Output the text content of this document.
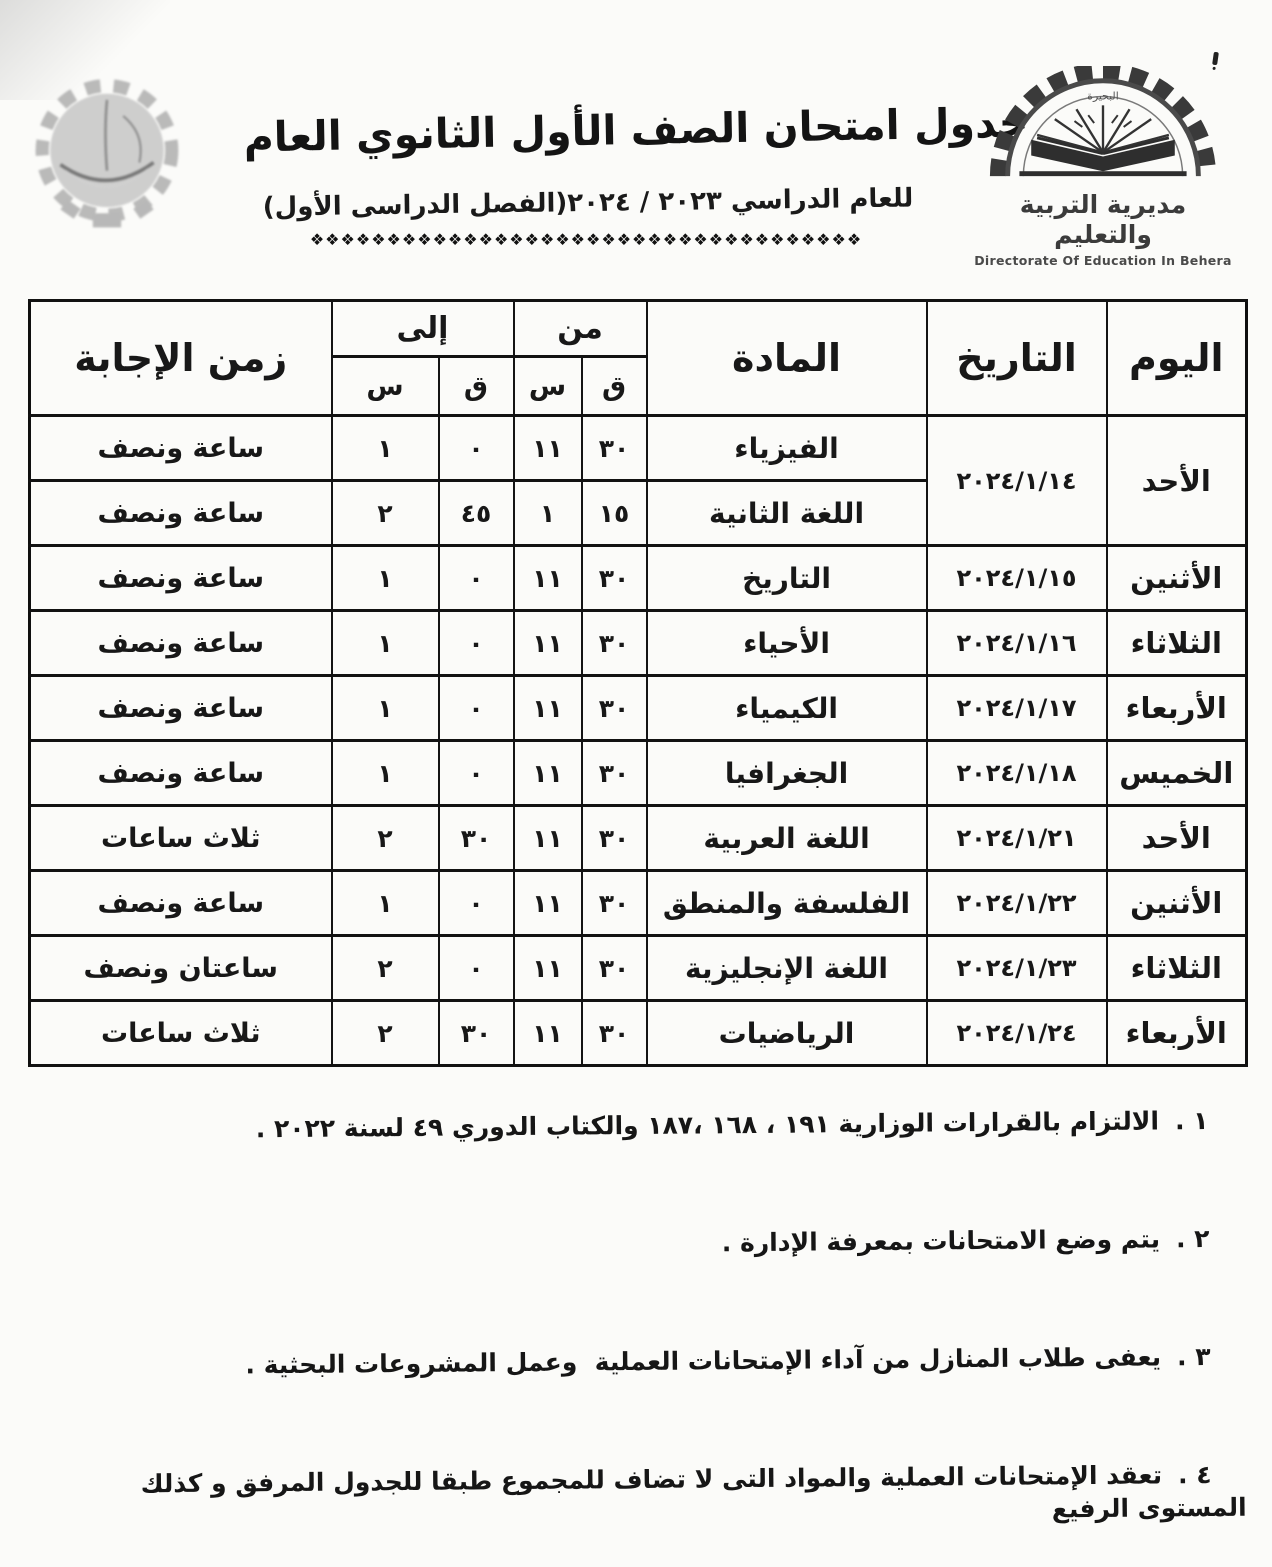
جدول امتحان الصف الأول الثانوي العام
للعام الدراسي ٢٠٢٣ / ٢٠٢٤(الفصل الدراسى الأول)
❖❖❖❖❖❖❖❖❖❖❖❖❖❖❖❖❖❖❖❖❖❖❖❖❖❖❖❖❖❖❖❖❖❖❖❖
البحيرة
مديرية التربية والتعليم
Directorate Of Education In Behera
اليوم	التاريخ	المادة	من		إلى		زمن الإجابة
			ق	س	ق	س	
الأحد	٢٠٢٤/١/١٤	الفيزياء	٣٠	١١	٠	١	ساعة ونصف
		اللغة الثانية	١٥	١	٤٥	٢	ساعة ونصف
الأثنين	٢٠٢٤/١/١٥	التاريخ	٣٠	١١	٠	١	ساعة ونصف
الثلاثاء	٢٠٢٤/١/١٦	الأحياء	٣٠	١١	٠	١	ساعة ونصف
الأربعاء	٢٠٢٤/١/١٧	الكيمياء	٣٠	١١	٠	١	ساعة ونصف
الخميس	٢٠٢٤/١/١٨	الجغرافيا	٣٠	١١	٠	١	ساعة ونصف
الأحد	٢٠٢٤/١/٢١	اللغة العربية	٣٠	١١	٣٠	٢	ثلاث ساعات
الأثنين	٢٠٢٤/١/٢٢	الفلسفة والمنطق	٣٠	١١	٠	١	ساعة ونصف
الثلاثاء	٢٠٢٤/١/٢٣	اللغة الإنجليزية	٣٠	١١	٠	٢	ساعتان ونصف
الأربعاء	٢٠٢٤/١/٢٤	الرياضيات	٣٠	١١	٣٠	٢	ثلاث ساعات

١ .الالتزام بالقرارات الوزارية ١٩١ ، ١٦٨ ،١٨٧ والكتاب الدوري ٤٩ لسنة ٢٠٢٢ .

٢ .يتم وضع الامتحانات بمعرفة الإدارة .

٣ .يعفى طلاب المنازل من آداء الإمتحانات العملية  وعمل المشروعات البحثية .

٤ .تعقد الإمتحانات العملية والمواد التى لا تضاف للمجموع طبقا للجدول المرفق و كذلك المستوى الرفيع
